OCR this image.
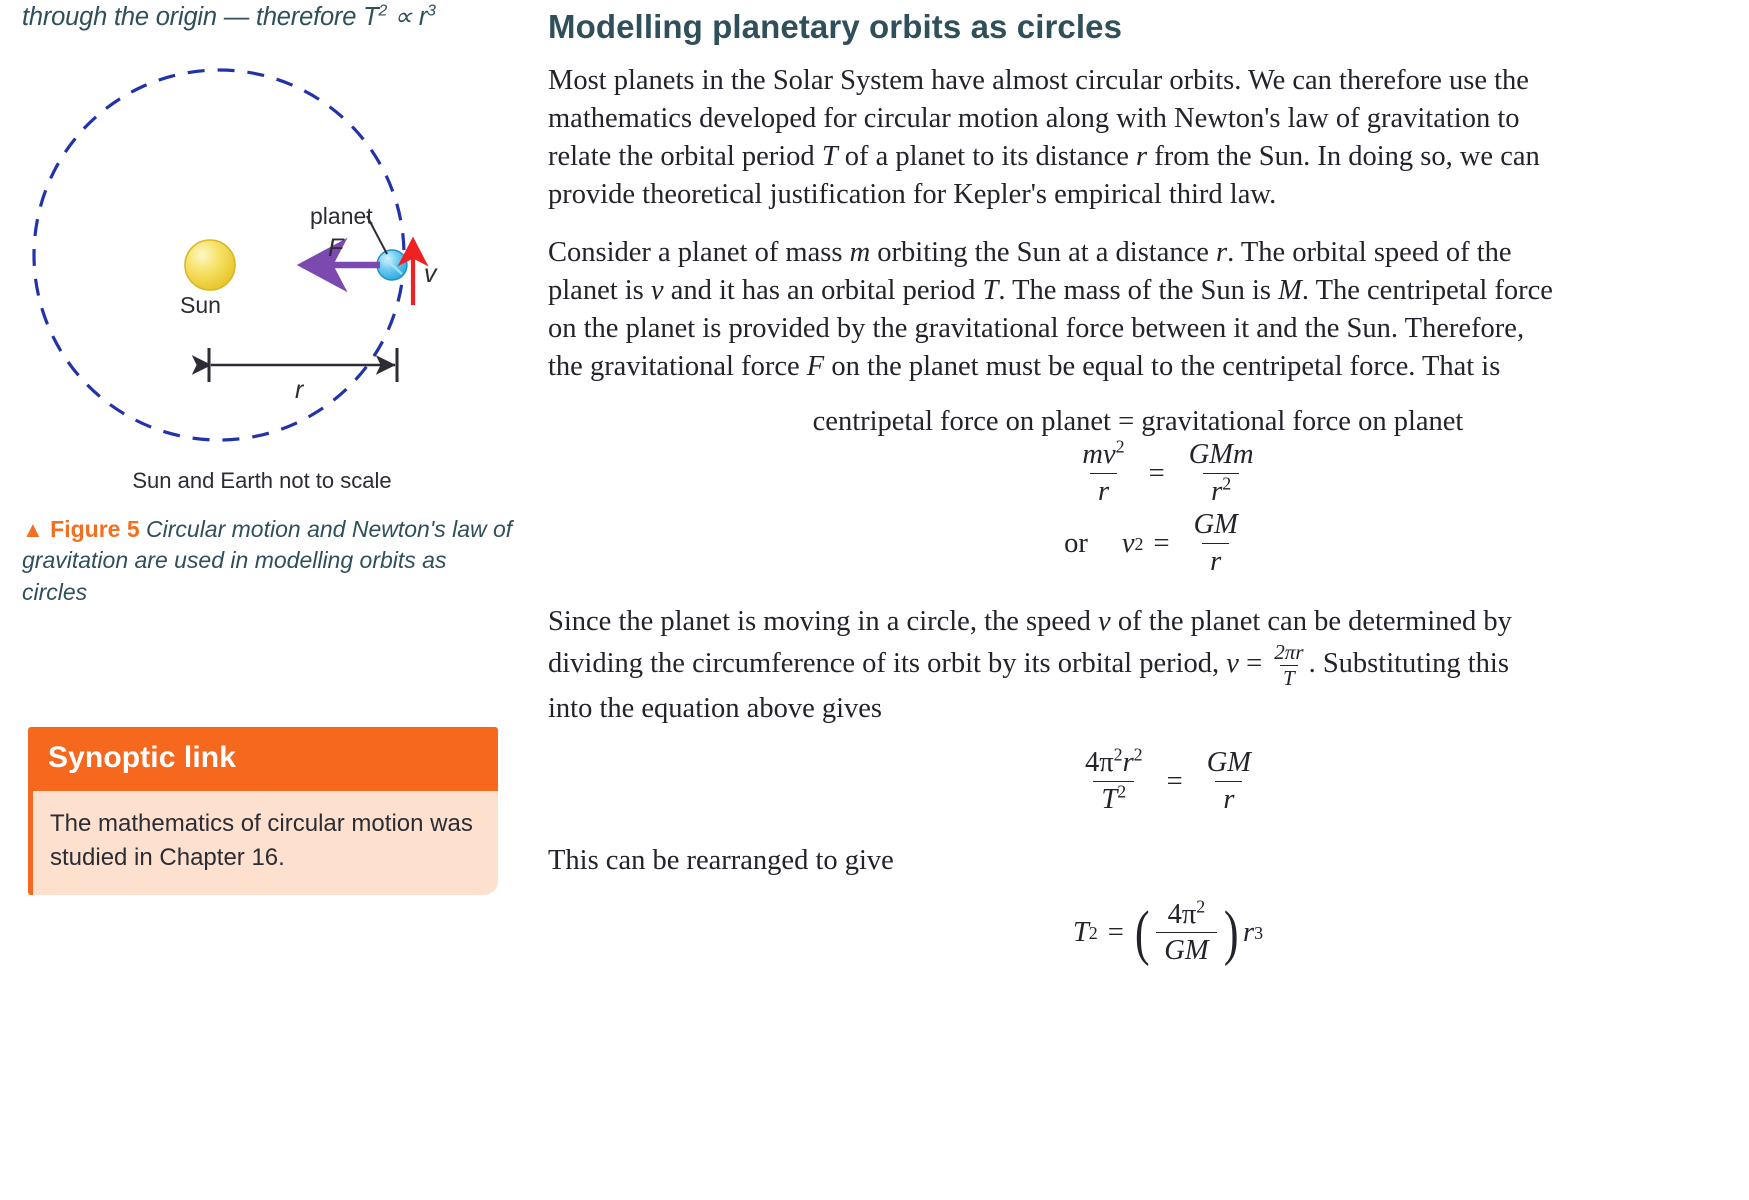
through the origin — therefore $T^2 \propto r^3$
planet
Sun
F
v
r
Sun and Earth not to scale
▲ Figure 5 Circular motion and Newton's law of gravitation are used in modelling orbits as circles
Synoptic link
The mathematics of circular motion was studied in Chapter 16.
Modelling planetary orbits as circles

Most planets in the Solar System have almost circular orbits. We can therefore use the mathematics developed for circular motion along with Newton's law of gravitation to relate the orbital period T of a planet to its distance r from the Sun. In doing so, we can provide theoretical justification for Kepler's empirical third law.

Consider a planet of mass m orbiting the Sun at a distance r. The orbital speed of the planet is v and it has an orbital period T. The mass of the Sun is M. The centripetal force on the planet is provided by the gravitational force between it and the Sun. Therefore, the gravitational force F on the planet must be equal to the centripetal force. That is

centripetal force on planet = gravitational force on planet
$\frac{mv^2}{r} = \frac{\text{GMm}}{r^2}$
or v $2 = \frac{GM}{r}$

Since the planet is moving in a circle, the speed v of the planet can be determined by dividing the circumference of its orbit by its orbital period, $v = \frac{2\pi r}{T}$ . Substituting this into the equation above gives

$\frac{4\pi^2r^2}{T^2} = \frac{GM}{r}$

This can be rearranged to give

T 2 = ( $\frac{4\pi^2}{GM}$ ) r 3
